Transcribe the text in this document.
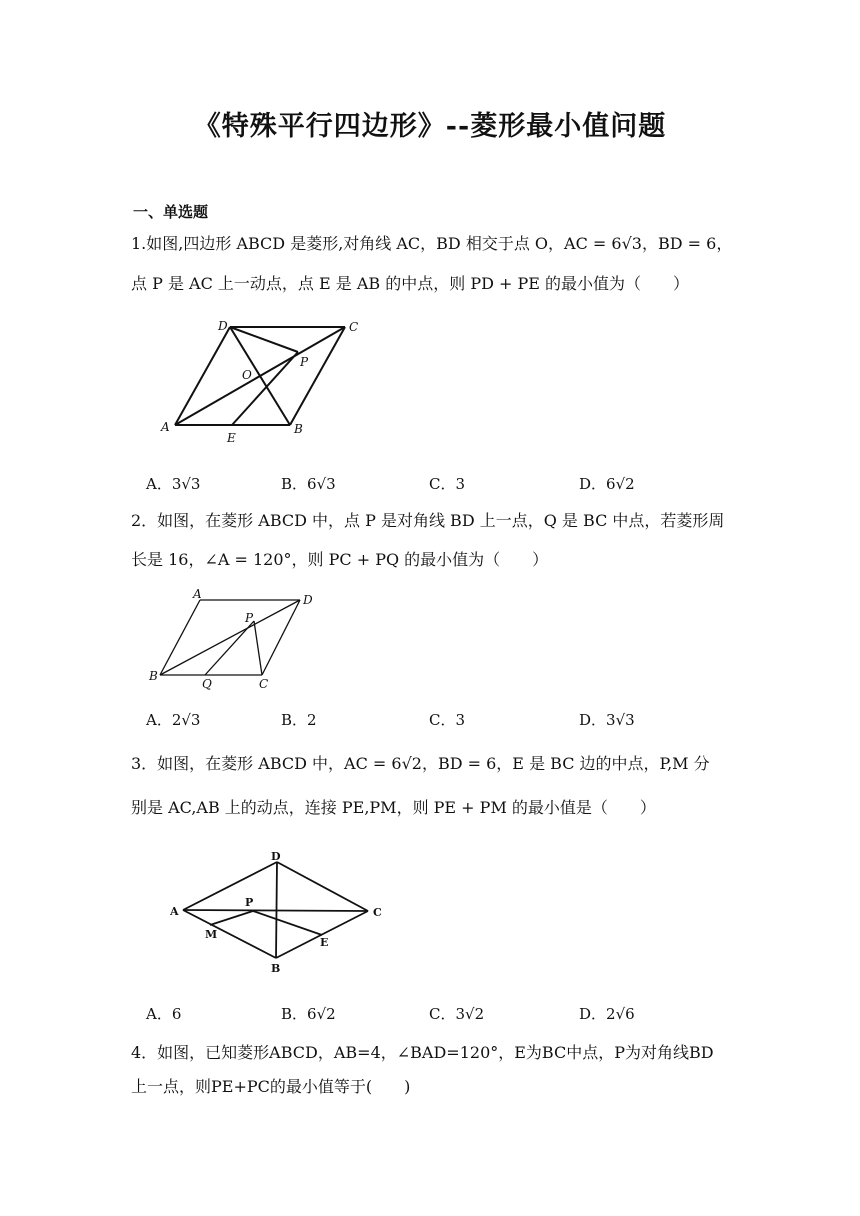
《特殊平行四边形》--菱形最小值问题
一、单选题
1.如图,四边形 ABCD 是菱形,对角线 AC，BD 相交于点 O，AC = 6√3，BD = 6，
点 P 是 AC 上一动点，点 E 是 AB 的中点，则 PD + PE 的最小值为（　　）
D	C
P
O
A
E
B
A．3√3	B．6√3	C．3	D．6√2
2．如图，在菱形 ABCD 中，点 P 是对角线 BD 上一点，Q 是 BC 中点，若菱形周
长是 16，∠A = 120°，则 PC + PQ 的最小值为（　　）
A	D
P
B
Q	C
A．2√3	B．2	C．3	D．3√3
3．如图，在菱形 ABCD 中，AC = 6√2，BD = 6，E 是 BC 边的中点，P,M 分
别是 AC,AB 上的动点，连接 PE,PM，则 PE + PM 的最小值是（　　）
D
A
P
C
M
E
B
A．6	B．6√2	C．3√2	D．2√6
4．如图，已知菱形ABCD，AB=4，∠BAD=120°，E为BC中点，P为对角线BD
上一点，则PE+PC的最小值等于(　　)
